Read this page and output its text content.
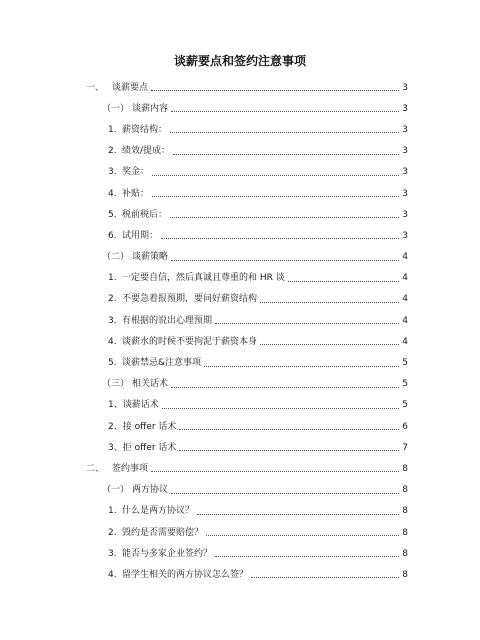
谈薪要点和签约注意事项
一、 谈薪要点	3
（一） 谈薪内容	3
1. 薪资结构：	3
2. 绩效/提成：	3
3. 奖金：	3
4. 补贴：	3
5. 税前税后：	3
6. 试用期：	3
（二） 谈薪策略	4
1. 一定要自信，然后真诚且尊重的和 HR 谈	4
2. 不要急着报预期，要问好薪资结构	4
3. 有根据的说出心理预期	4
4. 谈薪水的时候不要拘泥于薪资本身	4
5. 谈薪禁忌&注意事项	5
（三） 相关话术	5
1、 谈薪话术	5
2、 接 offer 话术	6
3、 拒 offer 话术	7
二、 签约事项	8
（一） 两方协议	8
1. 什么是两方协议？	8
2. 毁约是否需要赔偿？	8
3. 能否与多家企业签约？	8
4. 留学生相关的两方协议怎么签？	8
